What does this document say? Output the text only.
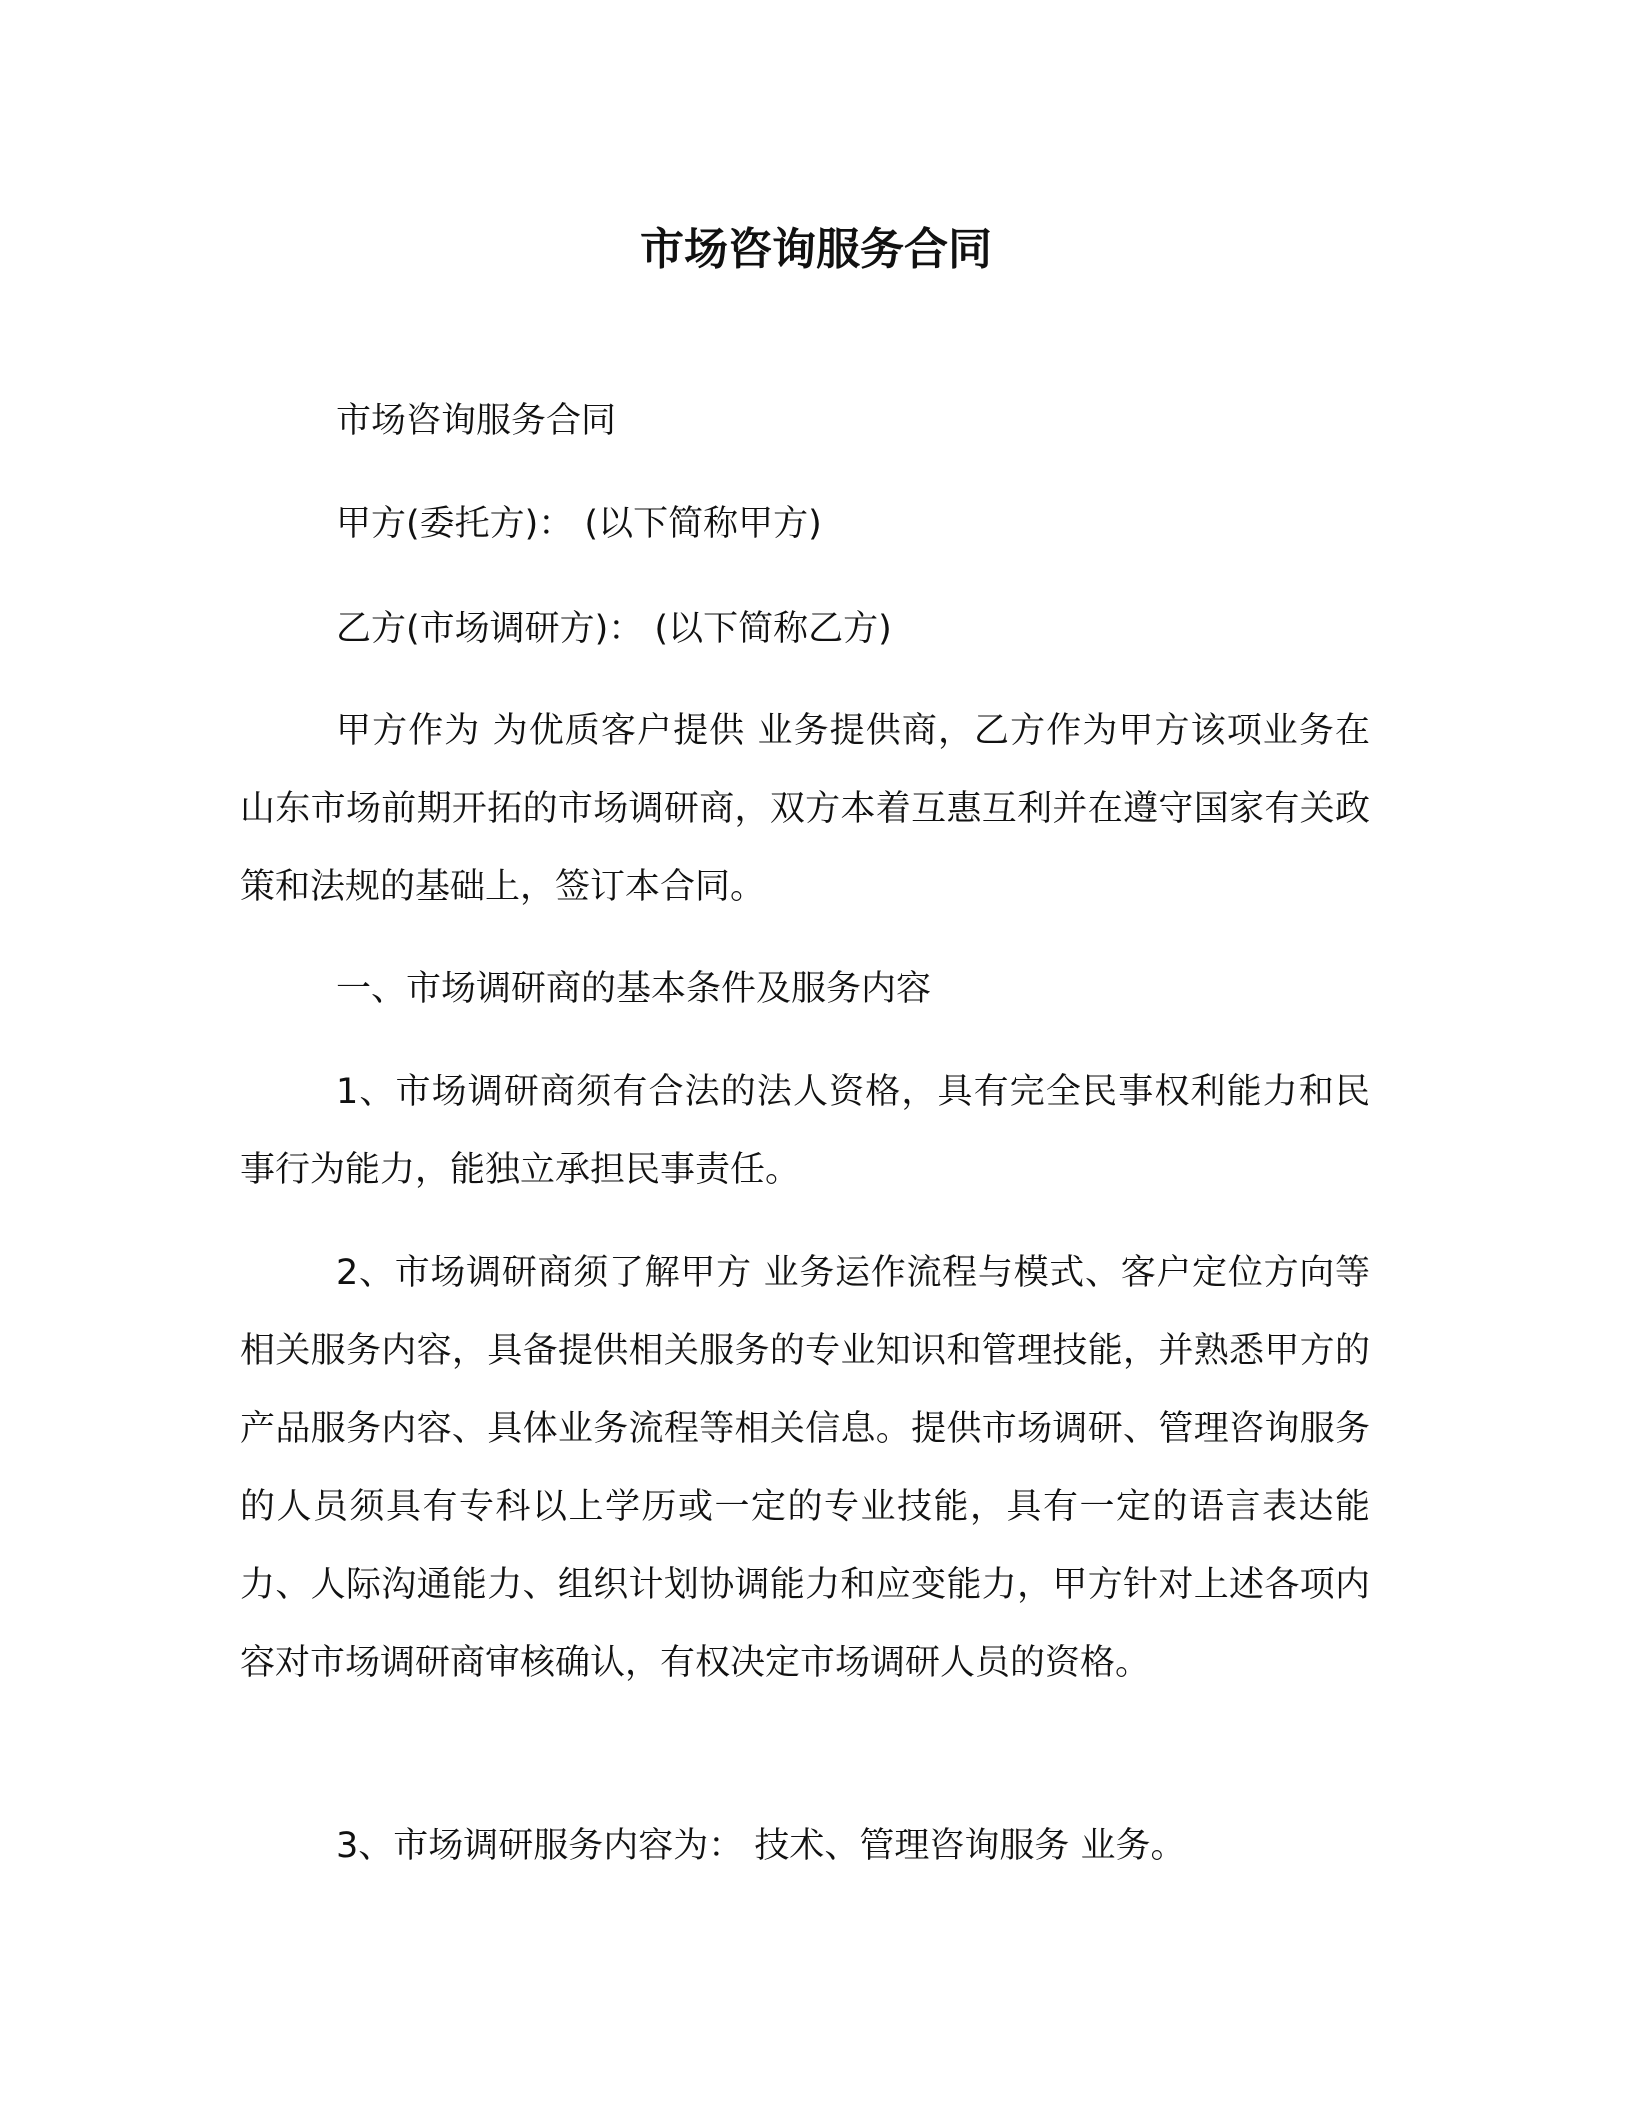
市场咨询服务合同

市场咨询服务合同

甲方(委托方)： (以下简称甲方)

乙方(市场调研方)： (以下简称乙方)

甲方作为 为优质客户提供 业务提供商，乙方作为甲方该项业务在山东市场前期开拓的市场调研商，双方本着互惠互利并在遵守国家有关政策和法规的基础上，签订本合同。

一、市场调研商的基本条件及服务内容

1、市场调研商须有合法的法人资格，具有完全民事权利能力和民事行为能力，能独立承担民事责任。

2、市场调研商须了解甲方 业务运作流程与模式、客户定位方向等相关服务内容，具备提供相关服务的专业知识和管理技能，并熟悉甲方的产品服务内容、具体业务流程等相关信息。提供市场调研、管理咨询服务的人员须具有专科以上学历或一定的专业技能，具有一定的语言表达能力、人际沟通能力、组织计划协调能力和应变能力，甲方针对上述各项内容对市场调研商审核确认，有权决定市场调研人员的资格。

3、市场调研服务内容为： 技术、管理咨询服务 业务。
